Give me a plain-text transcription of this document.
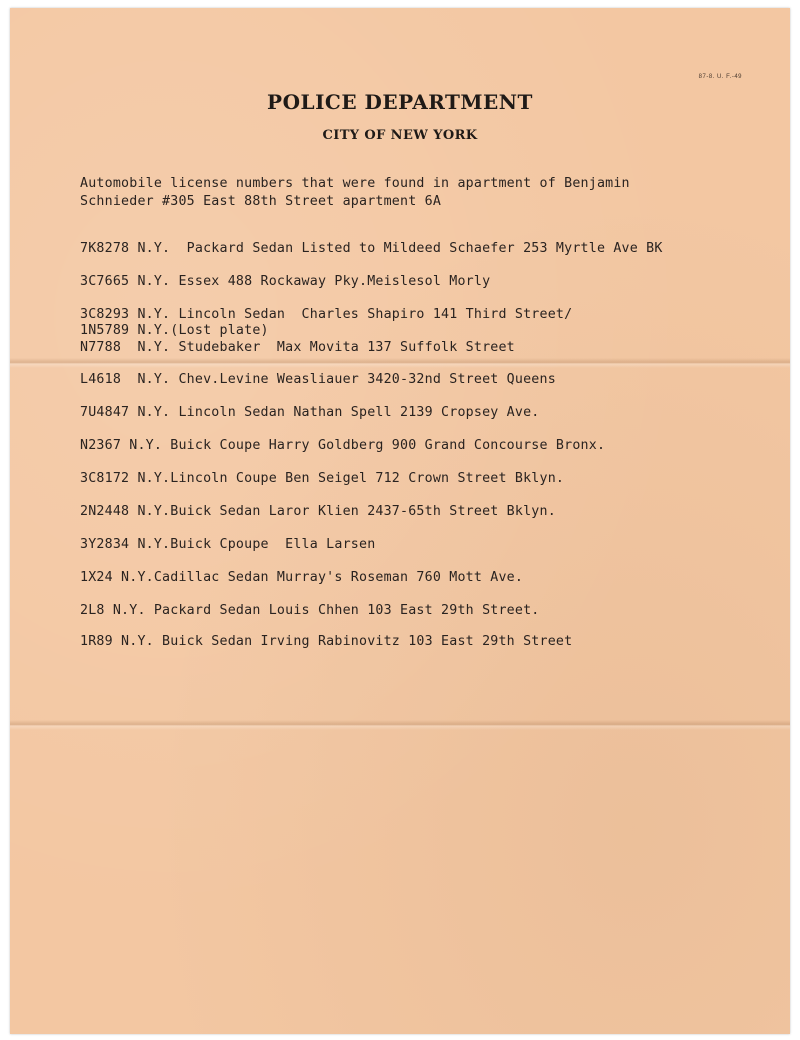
87-8. U. F.-49
POLICE DEPARTMENT
CITY OF NEW YORK
Automobile license numbers that were found in apartment of Benjamin
Schnieder #305 East 88th Street apartment 6A
7K8278 N.Y.  Packard Sedan Listed to Mildeed Schaefer 253 Myrtle Ave BK
3C7665 N.Y. Essex 488 Rockaway Pky.Meislesol Morly
3C8293 N.Y. Lincoln Sedan  Charles Shapiro 141 Third Street/
1N5789 N.Y.(Lost plate)
N7788  N.Y. Studebaker  Max Movita 137 Suffolk Street
L4618  N.Y. Chev.Levine Weasliauer 3420-32nd Street Queens
7U4847 N.Y. Lincoln Sedan Nathan Spell 2139 Cropsey Ave.
N2367 N.Y. Buick Coupe Harry Goldberg 900 Grand Concourse Bronx.
3C8172 N.Y.Lincoln Coupe Ben Seigel 712 Crown Street Bklyn.
2N2448 N.Y.Buick Sedan Laror Klien 2437-65th Street Bklyn.
3Y2834 N.Y.Buick Cpoupe  Ella Larsen
1X24 N.Y.Cadillac Sedan Murray's Roseman 760 Mott Ave.
2L8 N.Y. Packard Sedan Louis Chhen 103 East 29th Street.
1R89 N.Y. Buick Sedan Irving Rabinovitz 103 East 29th Street
